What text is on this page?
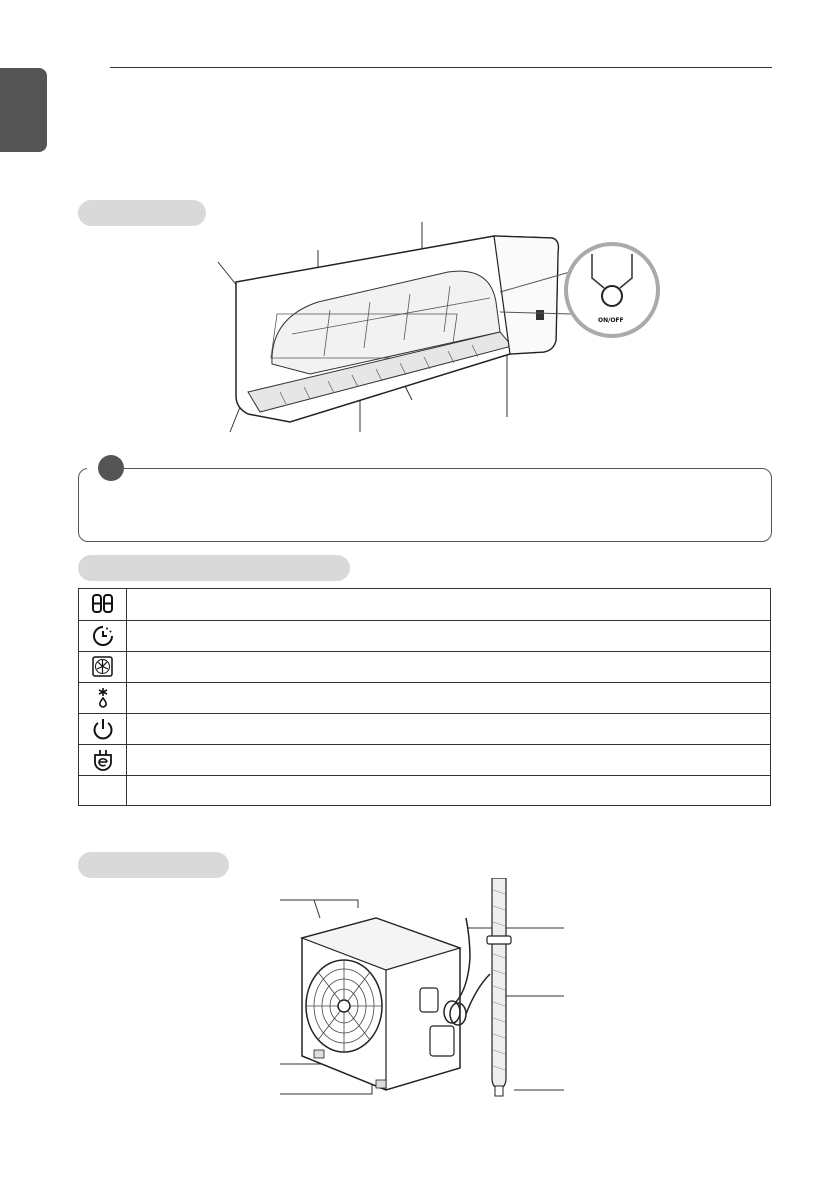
ON/OFF
